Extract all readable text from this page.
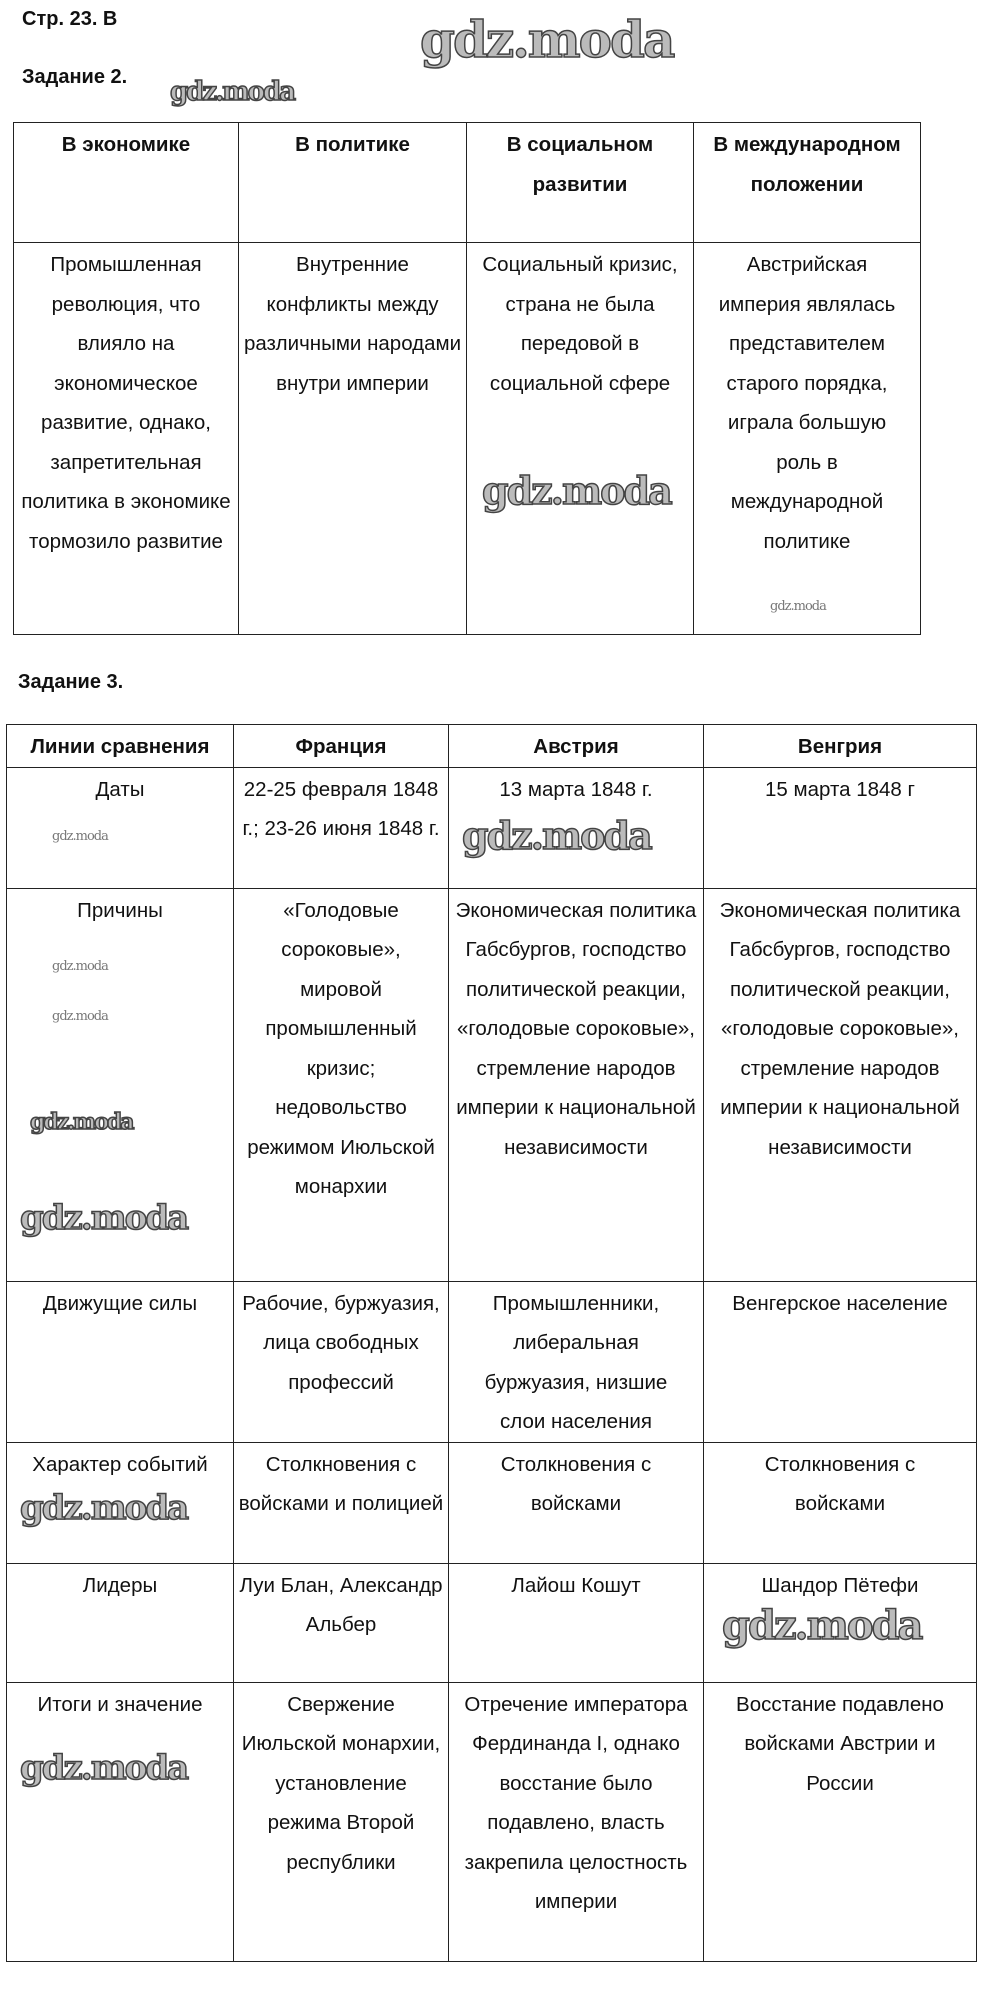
Стр. 23. В
Задание 2.
В экономике	В политике	В социальном развитии	В международном положении
Промышленная революция, что влияло на экономическое развитие, однако, запретительная политика в экономике тормозило развитие	Внутренние конфликты между различными народами внутри империи	Социальный кризис, страна не была передовой в социальной сфере	Австрийская империя являлась представителем старого порядка, играла большую роль в международной политике
Задание 3.
Линии сравнения	Франция	Австрия	Венгрия
Даты	22-25 февраля 1848 г.; 23-26 июня 1848 г.	13 марта 1848 г.	15 марта 1848 г
Причины	«Голодовые сороковые», мировой промышленный кризис; недовольство режимом Июльской монархии	Экономическая политика Габсбургов, господство политической реакции, «голодовые сороковые», стремление народов империи к национальной независимости	Экономическая политика Габсбургов, господство политической реакции, «голодовые сороковые», стремление народов империи к национальной независимости
Движущие силы	Рабочие, буржуазия, лица свободных профессий	Промышленники, либеральная буржуазия, низшие слои населения	Венгерское население
Характер событий	Столкновения с войсками и полицией	Столкновения с войсками	Столкновения с войсками
Лидеры	Луи Блан, Александр Альбер	Лайош Кошут	Шандор Пётефи
Итоги и значение	Свержение Июльской монархии, установление режима Второй республики	Отречение императора Фердинанда I, однако восстание было подавлено, власть закрепила целостность империи	Восстание подавлено войсками Австрии и России
gdz.moda
gdz.moda
gdz.moda
gdz.moda
gdz.moda	gdz.moda
gdz.moda
gdz.moda
gdz.moda
gdz.moda
gdz.moda
gdz.moda
gdz.moda
